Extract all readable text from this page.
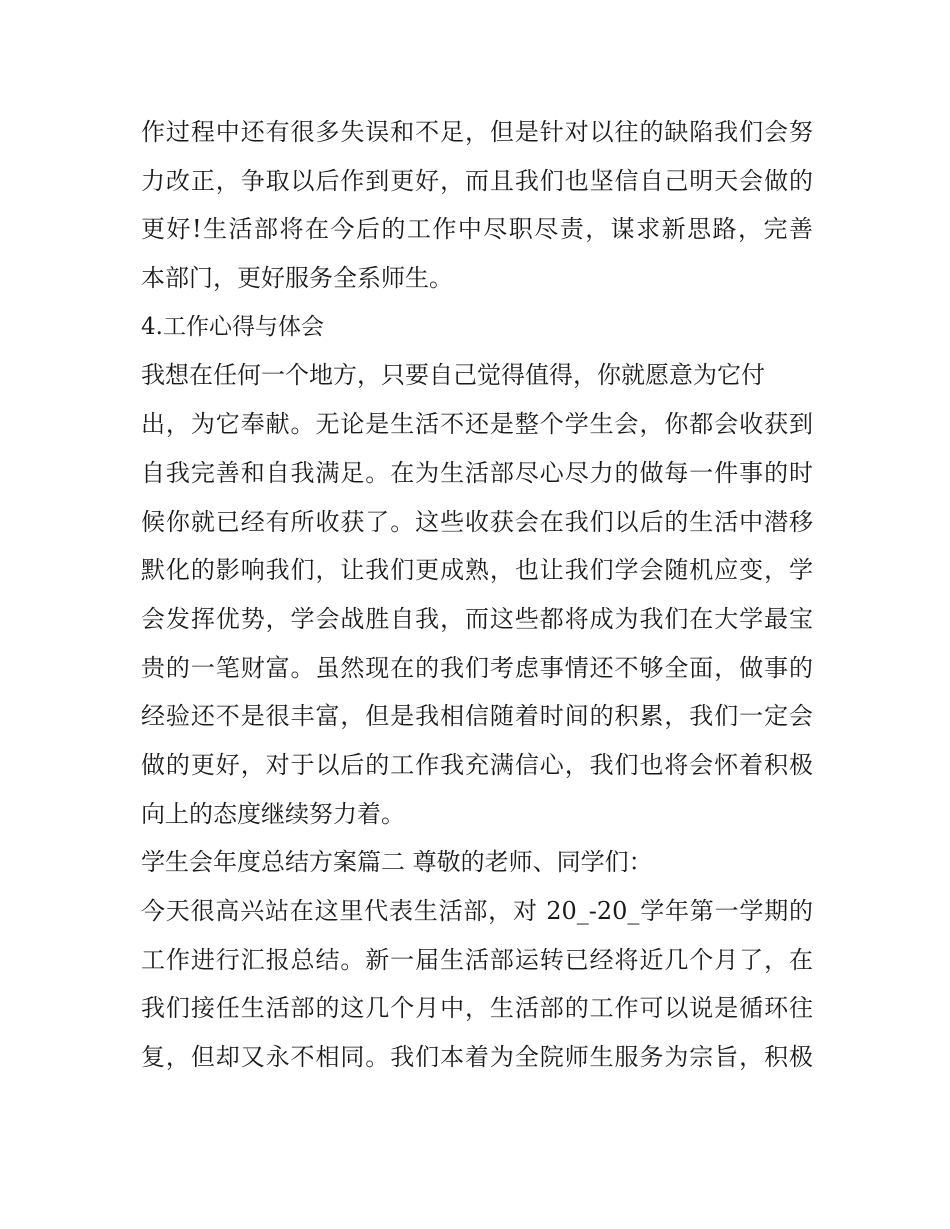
作过程中还有很多失误和不足，但是针对以往的缺陷我们会努
力改正，争取以后作到更好，而且我们也坚信自己明天会做的
更好!生活部将在今后的工作中尽职尽责，谋求新思路，完善
本部门，更好服务全系师生。
4.工作心得与体会
我想在任何一个地方，只要自己觉得值得，你就愿意为它付
出，为它奉献。无论是生活不还是整个学生会，你都会收获到
自我完善和自我满足。在为生活部尽心尽力的做每一件事的时
候你就已经有所收获了。这些收获会在我们以后的生活中潜移
默化的影响我们，让我们更成熟，也让我们学会随机应变，学
会发挥优势，学会战胜自我，而这些都将成为我们在大学最宝
贵的一笔财富。虽然现在的我们考虑事情还不够全面，做事的
经验还不是很丰富，但是我相信随着时间的积累，我们一定会
做的更好，对于以后的工作我充满信心，我们也将会怀着积极
向上的态度继续努力着。
学生会年度总结方案篇二 尊敬的老师、同学们：
今天很高兴站在这里代表生活部，对 20_-20_学年第一学期的
工作进行汇报总结。新一届生活部运转已经将近几个月了，在
我们接任生活部的这几个月中，生活部的工作可以说是循环往
复，但却又永不相同。我们本着为全院师生服务为宗旨，积极
